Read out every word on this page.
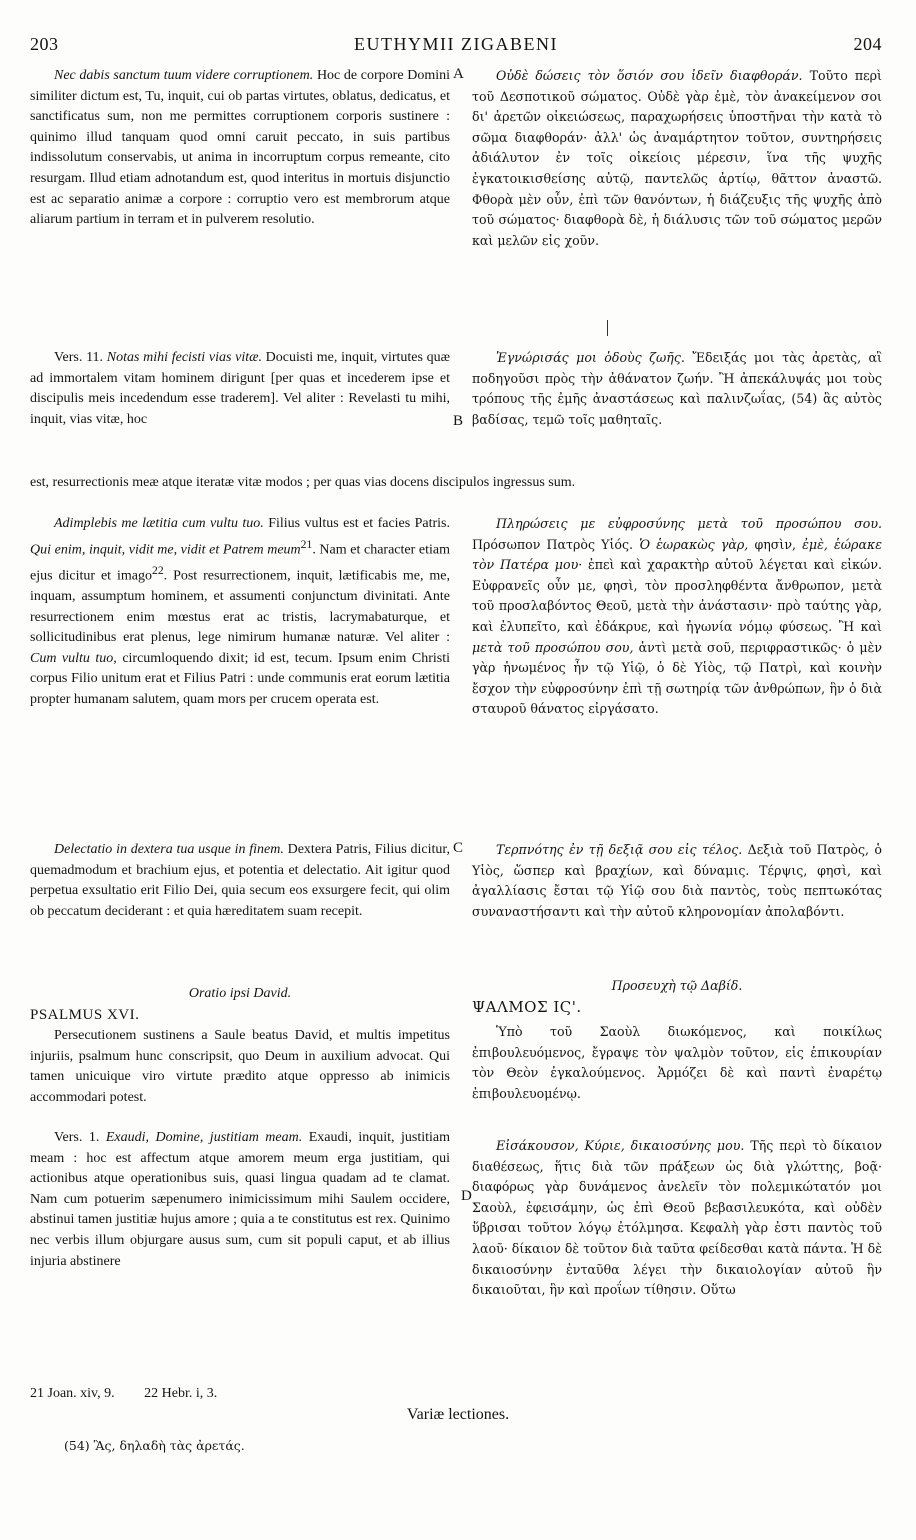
203	EUTHYMII ZIGABENI	204
A
B
C
D

Nec dabis sanctum tuum videre corruptionem. Hoc de corpore Domini similiter dictum est, Tu, inquit, cui ob partas virtutes, oblatus, dedicatus, et sanctificatus sum, non me permittes corruptionem corporis sustinere : quinimo illud tanquam quod omni caruit peccato, in suis partibus indissolutum conservabis, ut anima in incorruptum corpus remeante, cito resurgam. Illud etiam adnotandum est, quod interitus in mortuis disjunctio est ac separatio animæ a corpore : corruptio vero est membrorum atque aliarum partium in terram et in pulverem resolutio.

Vers. 11. Notas mihi fecisti vias vitæ. Docuisti me, inquit, virtutes quæ ad immortalem vitam hominem dirigunt [per quas et incederem ipse et discipulis meis incedendum esse traderem]. Vel aliter : Revelasti tu mihi, inquit, vias vitæ, hoc

Adimplebis me lætitia cum vultu tuo. Filius vultus est et facies Patris. Qui enim, inquit, vidit me, vidit et Patrem meum$^{21}$. Nam et character etiam ejus dicitur et imago$^{22}$. Post resurrectionem, inquit, lætificabis me, me, inquam, assumptum hominem, et assumenti conjunctum divinitati. Ante resurrectionem enim mœstus erat ac tristis, lacrymabaturque, et sollicitudinibus erat plenus, lege nimirum humanæ naturæ. Vel aliter : Cum vultu tuo, circumloquendo dixit; id est, tecum. Ipsum enim Christi corpus Filio unitum erat et Filius Patri : unde communis erat eorum lætitia propter humanam salutem, quam mors per crucem operata est.

Delectatio in dextera tua usque in finem. Dextera Patris, Filius dicitur, quemadmodum et brachium ejus, et potentia et delectatio. Ait igitur quod perpetua exsultatio erit Filio Dei, quia secum eos exsurgere fecit, qui olim ob peccatum deciderant : et quia hæreditatem suam recepit.

Oratio ipsi David.

PSALMUS XVI.

Persecutionem sustinens a Saule beatus David, et multis impetitus injuriis, psalmum hunc conscripsit, quo Deum in auxilium advocat. Qui tamen unicuique viro virtute prædito atque oppresso ab inimicis accommodari potest.

Vers. 1. Exaudi, Domine, justitiam meam. Exaudi, inquit, justitiam meam : hoc est affectum atque amorem meum erga justitiam, qui actionibus atque operationibus suis, quasi lingua quadam ad te clamat. Nam cum potuerim sæpenumero inimicissimum mihi Saulem occidere, abstinui tamen justitiæ hujus amore ; quia a te constitutus est rex. Quinimo nec verbis illum objurgare ausus sum, cum sit populi caput, et ab illius injuria abstinere

est, resurrectionis meæ atque iteratæ vitæ modos ; per quas vias docens discipulos ingressus sum.

Οὐδὲ δώσεις τὸν ὅσιόν σου ἰδεῖν διαφθοράν. Τοῦτο περὶ τοῦ Δεσποτικοῦ σώματος. Οὐδὲ γὰρ ἐμὲ, τὸν ἀνακείμενον σοι δι' ἀρετῶν οἰκειώσεως, παραχωρήσεις ὑποστῆναι τὴν κατὰ τὸ σῶμα διαφθοράν· ἀλλ' ὡς ἀναμάρτητον τοῦτον, συντηρήσεις ἀδιάλυτον ἐν τοῖς οἰκείοις μέρεσιν, ἵνα τῆς ψυχῆς ἐγκατοικισθείσης αὐτῷ, παντελῶς ἀρτίῳ, θᾶττον ἀναστῶ. Φθορὰ μὲν οὖν, ἐπὶ τῶν θανόντων, ἡ διάζευξις τῆς ψυχῆς ἀπὸ τοῦ σώματος· διαφθορὰ δὲ, ἡ διάλυσις τῶν τοῦ σώματος μερῶν καὶ μελῶν εἰς χοῦν.

Ἐγνώρισάς μοι ὁδοὺς ζωῆς. Ἔδειξάς μοι τὰς ἀρετὰς, αἳ ποδηγοῦσι πρὸς τὴν ἀθάνατον ζωήν. Ἢ ἀπεκάλυψάς μοι τοὺς τρόπους τῆς ἐμῆς ἀναστάσεως καὶ παλινζωΐας, (54) ἃς αὐτὸς βαδίσας, τεμῶ τοῖς μαθηταῖς.

Πληρώσεις με εὐφροσύνης μετὰ τοῦ προσώπου σου. Πρόσωπον Πατρὸς Υἱός. Ὁ ἑωρακὼς γὰρ, φησὶν, ἐμὲ, ἑώρακε τὸν Πατέρα μου· ἐπεὶ καὶ χαρακτὴρ αὐτοῦ λέγεται καὶ εἰκών. Εὐφρανεῖς οὖν με, φησὶ, τὸν προσληφθέντα ἄνθρωπον, μετὰ τοῦ προσλαβόντος Θεοῦ, μετὰ τὴν ἀνάστασιν· πρὸ ταύτης γὰρ, καὶ ἐλυπεῖτο, καὶ ἐδάκρυε, καὶ ἠγωνία νόμῳ φύσεως. Ἢ καὶ μετὰ τοῦ προσώπου σου, ἀντὶ μετὰ σοῦ, περιφραστικῶς· ὁ μὲν γὰρ ἡνωμένος ἦν τῷ Υἱῷ, ὁ δὲ Υἱὸς, τῷ Πατρὶ, καὶ κοινὴν ἔσχον τὴν εὐφροσύνην ἐπὶ τῇ σωτηρίᾳ τῶν ἀνθρώπων, ἣν ὁ διὰ σταυροῦ θάνατος εἰργάσατο.

Τερπνότης ἐν τῇ δεξιᾷ σου εἰς τέλος. Δεξιὰ τοῦ Πατρὸς, ὁ Υἱὸς, ὥσπερ καὶ βραχίων, καὶ δύναμις. Τέρψις, φησὶ, καὶ ἀγαλλίασις ἔσται τῷ Υἱῷ σου διὰ παντὸς, τοὺς πεπτωκότας συναναστήσαντι καὶ τὴν αὐτοῦ κληρονομίαν ἀπολαβόντι.

Προσευχὴ τῷ Δαβίδ.

ΨΑΛΜΟΣ ΙϚ'.

Ὑπὸ τοῦ Σαοὺλ διωκόμενος, καὶ ποικίλως ἐπιβουλευόμενος, ἔγραψε τὸν ψαλμὸν τοῦτον, εἰς ἐπικουρίαν τὸν Θεὸν ἐγκαλούμενος. Ἁρμόζει δὲ καὶ παντὶ ἐναρέτῳ ἐπιβουλευομένῳ.

Εἰσάκουσον, Κύριε, δικαιοσύνης μου. Τῆς περὶ τὸ δίκαιον διαθέσεως, ἥτις διὰ τῶν πράξεων ὡς διὰ γλώττης, βοᾷ· διαφόρως γὰρ δυνάμενος ἀνελεῖν τὸν πολεμικώτατόν μοι Σαοὺλ, ἐφεισάμην, ὡς ἐπὶ Θεοῦ βεβασιλευκότα, καὶ οὐδὲν ὕβρισαι τοῦτον λόγῳ ἐτόλμησα. Κεφαλὴ γὰρ ἐστι παντὸς τοῦ λαοῦ· δίκαιον δὲ τοῦτον διὰ ταῦτα φείδεσθαι κατὰ πάντα. Ἡ δὲ δικαιοσύνην ἐνταῦθα λέγει τὴν δικαιολογίαν αὐτοῦ ἣν δικαιοῦται, ἣν καὶ προΐων τίθησιν. Οὕτω

21 Joan. xiv, 9. 22 Hebr. i, 3.
Variæ lectiones.
(54) Ἃς, δηλαδὴ τὰς ἀρετάς.
